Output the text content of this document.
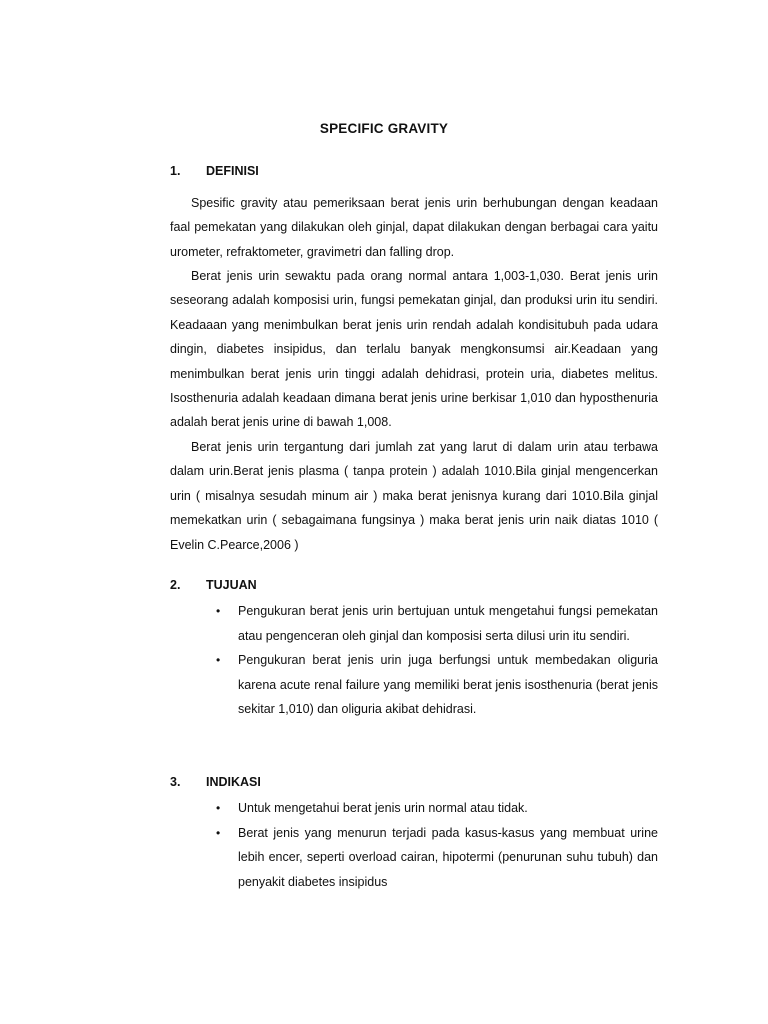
SPECIFIC GRAVITY
1. DEFINISI

Spesific gravity atau pemeriksaan berat jenis urin berhubungan dengan keadaan faal pemekatan yang dilakukan oleh ginjal, dapat dilakukan dengan berbagai cara yaitu urometer, refraktometer, gravimetri dan falling drop.

Berat jenis urin sewaktu pada orang normal antara 1,003-1,030. Berat jenis urin seseorang adalah komposisi urin, fungsi pemekatan ginjal, dan produksi urin itu sendiri. Keadaaan yang menimbulkan berat jenis urin rendah adalah kondisitubuh pada udara dingin, diabetes insipidus, dan terlalu banyak mengkonsumsi air.Keadaan yang menimbulkan berat jenis urin tinggi adalah dehidrasi, protein uria, diabetes melitus. Isosthenuria adalah keadaan dimana berat jenis urine berkisar 1,010 dan hyposthenuria adalah berat jenis urine di bawah 1,008.

Berat jenis urin tergantung dari jumlah zat yang larut di dalam urin atau terbawa dalam urin.Berat jenis plasma ( tanpa protein ) adalah 1010.Bila ginjal mengencerkan urin ( misalnya sesudah minum air ) maka berat jenisnya kurang dari 1010.Bila ginjal memekatkan urin ( sebagaimana fungsinya ) maka berat jenis urin naik diatas 1010 ( Evelin C.Pearce,2006 )

2. TUJUAN
• Pengukuran berat jenis urin bertujuan untuk mengetahui fungsi pemekatan atau pengenceran oleh ginjal dan komposisi serta dilusi urin itu sendiri.
• Pengukuran berat jenis urin juga berfungsi untuk membedakan oliguria karena acute renal failure yang memiliki berat jenis isosthenuria (berat jenis sekitar 1,010) dan oliguria akibat dehidrasi.
3. INDIKASI
• Untuk mengetahui berat jenis urin normal atau tidak.
• Berat jenis yang menurun terjadi pada kasus-kasus yang membuat urine lebih encer, seperti overload cairan, hipotermi (penurunan suhu tubuh) dan penyakit diabetes insipidus
